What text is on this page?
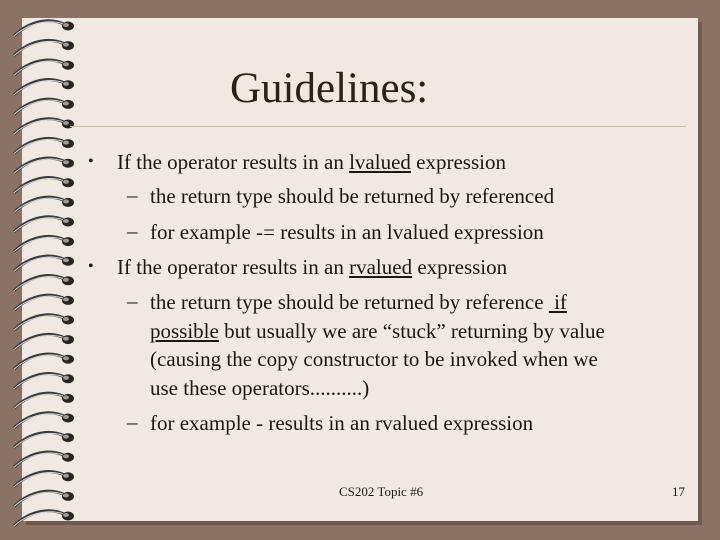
Guidelines:
• If the operator results in an lvalued expression
– the return type should be returned by referenced
– for example -= results in an lvalued expression
• If the operator results in an rvalued expression
– the return type should be returned by reference  if
possible but usually we are “stuck” returning by value
(causing the copy constructor to be invoked when we
use these operators..........)
– for example - results in an rvalued expression
CS202 Topic #6	17
